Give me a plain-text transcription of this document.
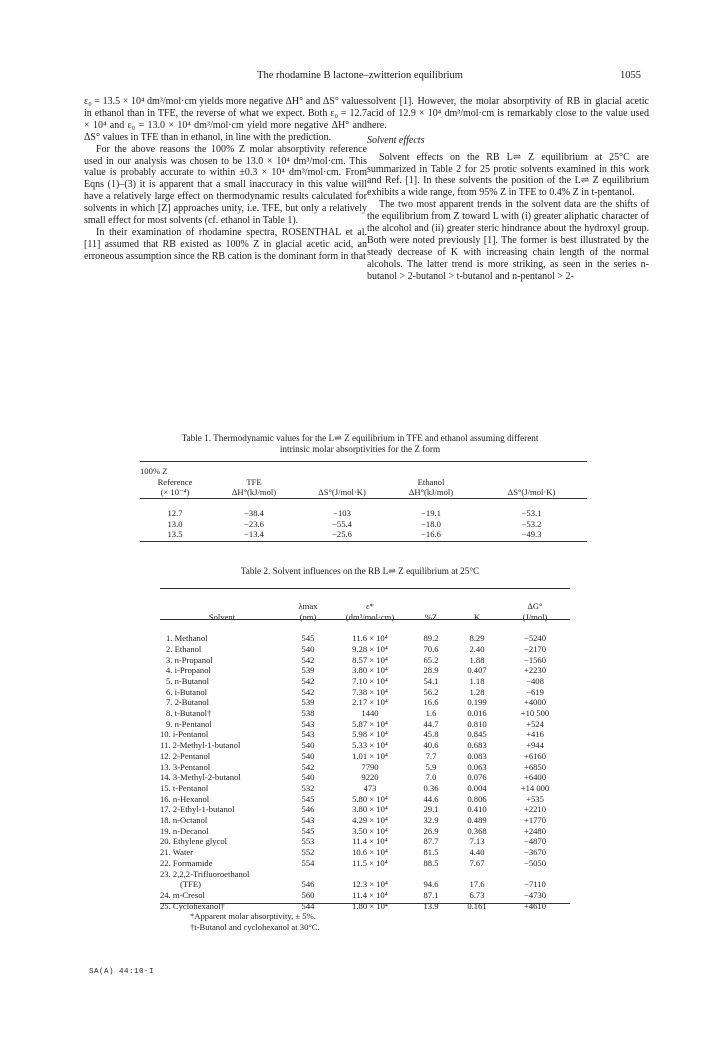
The rhodamine B lactone–zwitterion equilibrium	1055

ε₀ = 13.5 × 10⁴ dm³/mol·cm yields more negative ΔH° and ΔS° values in ethanol than in TFE, the reverse of what we expect. Both ε₀ = 12.7 × 10⁴ and ε₀ = 13.0 × 10⁴ dm³/mol·cm yield more negative ΔH° and ΔS° values in TFE than in ethanol, in line with the prediction.

For the above reasons the 100% Z molar absorptivity reference used in our analysis was chosen to be 13.0 × 10⁴ dm³/mol·cm. This value is probably accurate to within ±0.3 × 10⁴ dm³/mol·cm. From Eqns (1)–(3) it is apparent that a small inaccuracy in this value will have a relatively large effect on thermodynamic results calculated for solvents in which [Z] approaches unity, i.e. TFE, but only a relatively small effect for most solvents (cf. ethanol in Table 1).

In their examination of rhodamine spectra, ROSENTHAL et al. [11] assumed that RB existed as 100% Z in glacial acetic acid, an erroneous assumption since the RB cation is the dominant form in that

solvent [1]. However, the molar absorptivity of RB in glacial acetic acid of 12.9 × 10⁴ dm³/mol·cm is remarkably close to the value used here.

Solvent effects

Solvent effects on the RB L⇌ Z equilibrium at 25°C are summarized in Table 2 for 25 protic solvents examined in this work and Ref. [1]. In these solvents the position of the L⇌ Z equilibrium exhibits a wide range, from 95% Z in TFE to 0.4% Z in t-pentanol.

The two most apparent trends in the solvent data are the shifts of the equilibrium from Z toward L with (i) greater aliphatic character of the alcohol and (ii) greater steric hindrance about the hydroxyl group. Both were noted previously [1]. The former is best illustrated by the steady decrease of K with increasing chain length of the normal alcohols. The latter trend is more striking, as seen in the series n-butanol > 2-butanol > t-butanol and n-pentanol > 2-

Table 1. Thermodynamic values for the L⇌ Z equilibrium in TFE and ethanol assuming different
intrinsic molar absorptivities for the Z form
100% Z				
Reference	TFE		Ethanol	
(× 10⁻⁴)	ΔH°(kJ/mol)	ΔS°(J/mol·K)	ΔH°(kJ/mol)	ΔS°(J/mol·K)

12.7	−38.4	−103	−19.1	−53.1
13.0	−23.6	−55.4	−18.0	−53.2
13.5	−13.4	−25.6	−16.6	−49.3
Table 2. Solvent influences on the RB L⇌ Z equilibrium at 25°C
	λmax	ε*			ΔG°
Solvent	(nm)	(dm³/mol·cm)	%Z	K	(J/mol)

1. Methanol	545	11.6 × 10⁴	89.2	8.29	−5240
2. Ethanol	540	9.28 × 10⁴	70.6	2.40	−2170
3. n-Propanol	542	8.57 × 10⁴	65.2	1.88	−1560
4. i-Propanol	539	3.80 × 10⁴	28.9	0.407	+2230
5. n-Butanol	542	7.10 × 10⁴	54.1	1.18	−408
6. i-Butanol	542	7.38 × 10⁴	56.2	1.28	−619
7. 2-Butanol	539	2.17 × 10⁴	16.6	0.199	+4000
8. t-Butanol†	538	1440	1.6	0.016	+10 500
9. n-Pentanol	543	5.87 × 10⁴	44.7	0.810	+524
10. i-Pentanol	543	5.98 × 10⁴	45.8	0.845	+416
11. 2-Methyl-1-butanol	540	5.33 × 10⁴	40.6	0.683	+944
12. 2-Pentanol	540	1.01 × 10⁴	7.7	0.083	+6160
13. 3-Pentanol	542	7790	5.9	0.063	+6850
14. 3-Methyl-2-butanol	540	9220	7.0	0.076	+6400
15. t-Pentanol	532	473	0.36	0.004	+14 000
16. n-Hexanol	545	5.80 × 10⁴	44.6	0.806	+535
17. 2-Ethyl-1-butanol	546	3.80 × 10⁴	29.1	0.410	+2210
18. n-Octanol	543	4.29 × 10⁴	32.9	0.489	+1770
19. n-Decanol	545	3.50 × 10⁴	26.9	0.368	+2480
20. Ethylene glycol	553	11.4 × 10⁴	87.7	7.13	−4870
21. Water	552	10.6 × 10⁴	81.5	4.40	−3670
22. Formamide	554	11.5 × 10⁴	88.5	7.67	−5050
23. 2,2,2-Trifluoroethanol					
(TFE)	546	12.3 × 10⁴	94.6	17.6	−7110
24. m-Cresol	560	11.4 × 10⁴	87.1	6.73	−4730
25. Cyclohexanol†	544	1.80 × 10⁴	13.9	0.161	+4610
*Apparent molar absorptivity, ± 5%.
†t-Butanol and cyclohexanol at 30°C.
SA(A) 44:10-I
